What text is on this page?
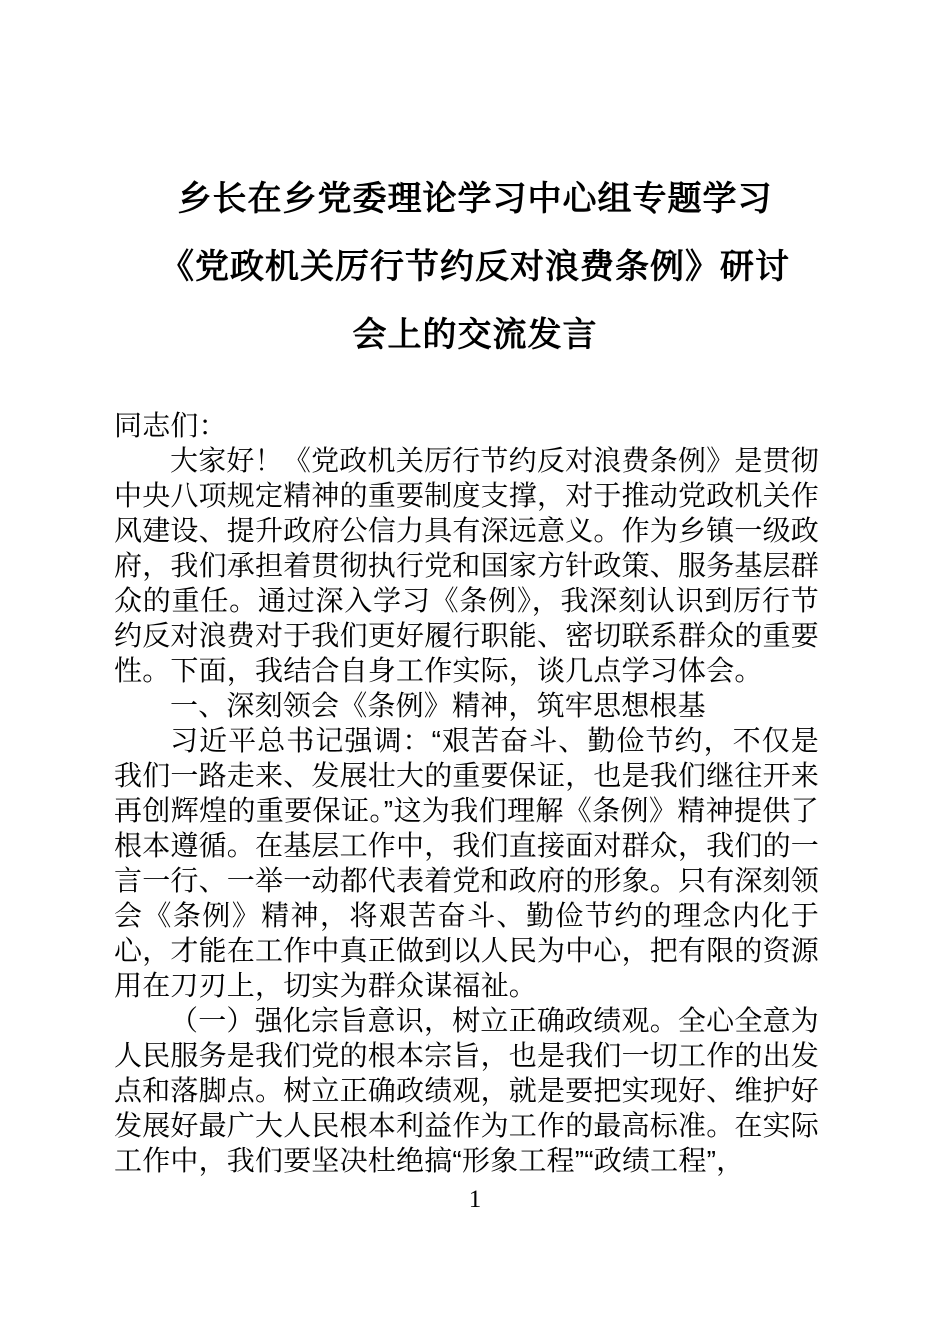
乡长在乡党委理论学习中心组专题学习
《党政机关厉行节约反对浪费条例》研讨
会上的交流发言

同志们：

大家好！《党政机关厉行节约反对浪费条例》是贯彻中央八项规定精神的重要制度支撑，对于推动党政机关作风建设、提升政府公信力具有深远意义。作为乡镇一级政府，我们承担着贯彻执行党和国家方针政策、服务基层群众的重任。通过深入学习《条例》，我深刻认识到厉行节约反对浪费对于我们更好履行职能、密切联系群众的重要性。下面，我结合自身工作实际，谈几点学习体会。

一、深刻领会《条例》精神，筑牢思想根基

习近平总书记强调：“艰苦奋斗、勤俭节约，不仅是我们一路走来、发展壮大的重要保证，也是我们继往开来再创辉煌的重要保证。”这为我们理解《条例》精神提供了根本遵循。在基层工作中，我们直接面对群众，我们的一言一行、一举一动都代表着党和政府的形象。只有深刻领会《条例》精神，将艰苦奋斗、勤俭节约的理念内化于心，才能在工作中真正做到以人民为中心，把有限的资源用在刀刃上，切实为群众谋福祉。

（一）强化宗旨意识，树立正确政绩观。全心全意为人民服务是我们党的根本宗旨，也是我们一切工作的出发点和落脚点。树立正确政绩观，就是要把实现好、维护好发展好最广大人民根本利益作为工作的最高标准。在实际工作中，我们要坚决杜绝搞“形象工程”“政绩工程”，

1
